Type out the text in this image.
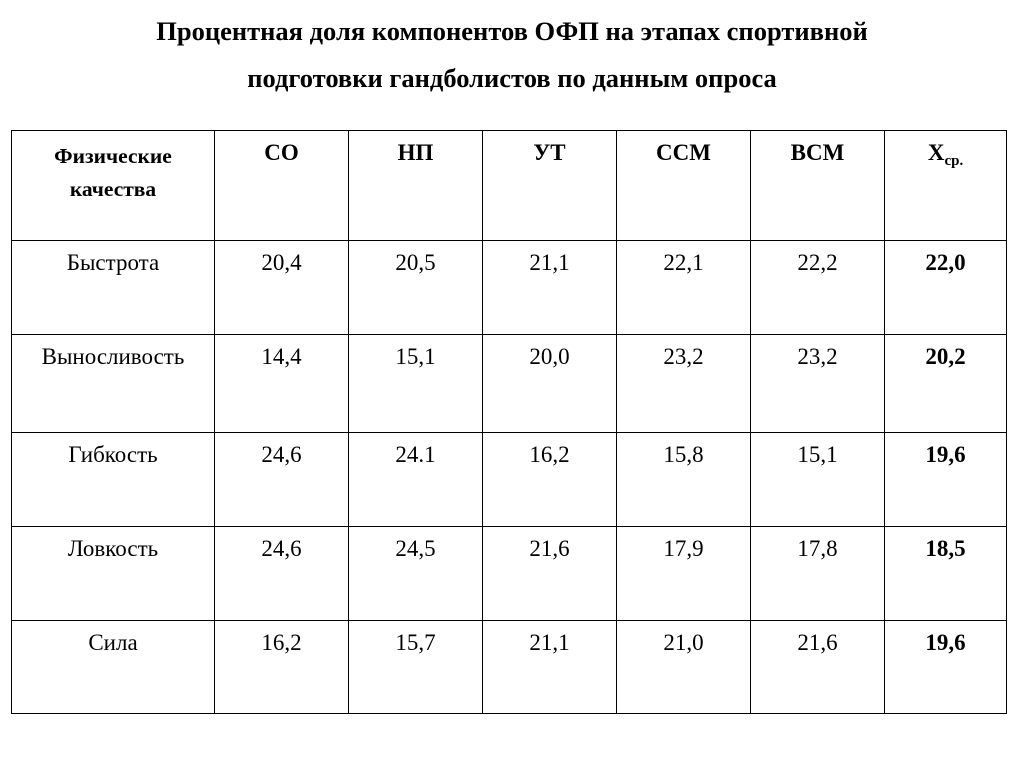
Процентная доля компонентов ОФП на этапах спортивной
подготовки гандболистов по данным опроса
Физические
качества	СО	НП	УТ	ССМ	ВСМ	$Х_{ср.}$
Быстрота	20,4	20,5	21,1	22,1	22,2	22,0
Выносливость	14,4	15,1	20,0	23,2	23,2	20,2
Гибкость	24,6	24.1	16,2	15,8	15,1	19,6
Ловкость	24,6	24,5	21,6	17,9	17,8	18,5
Сила	16,2	15,7	21,1	21,0	21,6	19,6
